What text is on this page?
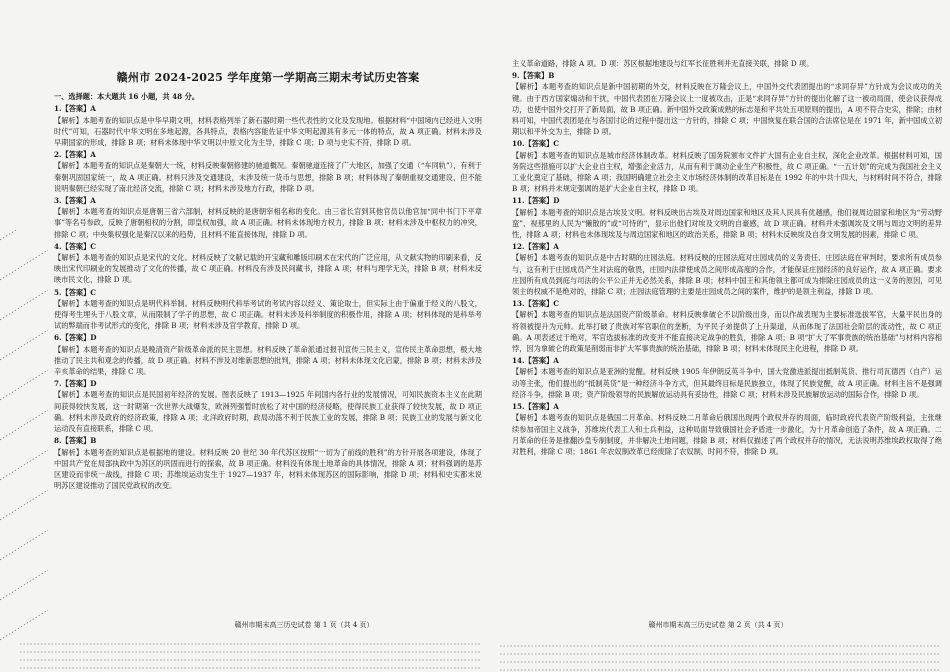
赣州市 2024-2025 学年度第一学期高三期末考试历史答案
一、选择题：本大题共 16 小题，共 48 分。
1.【答案】A
【解析】本题考查的知识点是中华早期文明，材料表格列举了新石器时期一些代表性的文化及发现地。根据材料“中国境内已经进入文明时代”可知，石器时代中华文明在多地起源，各具特点，表格内容能佐证中华文明起源具有多元一体的特点，故 A 项正确。材料未涉及早期国家的形成，排除 B 项；材料未体现中华文明以中原文化为主导，排除 C 项；D 项与史实不符，排除 D 项。
2.【答案】A
【解析】本题考查的知识点是秦朝大一统，材料反映秦朝修建的驰道概况。秦朝驰道连接了广大地区，加强了交通（“车同轨”），有利于秦朝巩固国家统一，故 A 项正确。材料只涉及交通建设，未涉及统一货币与思想，排除 B 项；材料体现了秦朝重视交通建设，但不能说明秦朝已经实现了南北经济交流，排除 C 项；材料未涉及地方行政，排除 D 项。
3.【答案】A
【解析】本题考查的知识点是唐朝三省六部制，材料反映的是唐朝宰相名称的变化。由三省长官到其他官员以他官加“同中书门下平章事”等名号参政，反映了唐朝相权的分割，即皇权加强，故 A 项正确。材料未体现地方权力，排除 B 项；材料未涉及中枢权力的冲突，排除 C 项；中央集权强化是秦汉以来的趋势，且材料不能直接体现，排除 D 项。
4.【答案】C
【解析】本题考查的知识点是宋代的文化。材料反映了文献记载的开宝藏和雕版印刷术在宋代的广泛应用，从文献实物的印刷来看，反映出宋代印刷业的发展推动了文化的传播，故 C 项正确。材料没有涉及民间藏书，排除 A 项；材料与理学无关，排除 B 项；材料未反映市民文化，排除 D 项。
5.【答案】C
【解析】本题考查的知识点是明代科举制。材料反映明代科举考试的考试内容以经义、策论取士，但实际上由于偏重于经义的八股文，使得考生埋头于八股文章，从而限制了学子的思想，故 C 项正确。材料未涉及科举制度的积极作用，排除 A 项；材料体现的是科举考试的弊端而非考试形式的变化，排除 B 项；材料未涉及官学教育，排除 D 项。
6.【答案】D
【解析】本题考查的知识点是晚清资产阶级革命派的民主思想。材料反映了革命派通过报刊宣传三民主义，宣传民主革命思想，极大地推动了民主共和观念的传播，故 D 项正确。材料不涉及对维新思想的批判，排除 A 项；材料未体现文化启蒙，排除 B 项；材料未涉及辛亥革命的结果，排除 C 项。
7.【答案】D
【解析】本题考查的知识点是民国初年经济的发展。图表反映了 1913—1925 年间国内各行业的发展情况，可知民族资本主义在此期间获得较快发展，这一时期第一次世界大战爆发，欧洲列强暂时放松了对中国的经济侵略，使得民族工业获得了较快发展，故 D 项正确。材料未涉及政府的经济政策，排除 A 项；北洋政府时期，政局动荡不利于民族工业的发展，排除 B 项；民族工业的发展与新文化运动没有直接联系，排除 C 项。
8.【答案】B
【解析】本题考查的知识点是根据地的建设。材料反映 20 世纪 30 年代苏区按照“一切为了前线的胜利”的方针开展各项建设，体现了中国共产党在局部执政中为苏区的巩固而进行的探索，故 B 项正确。材料没有体现土地革命的具体情况，排除 A 项；材料强调的是苏区建设而非统一战线，排除 C 项；苏维埃运动发生于 1927—1937 年，材料未体现苏区的国际影响，排除 D 项；材料和史实都未说明苏区建设推动了国民党政权的改变。
主义革命道路，排除 A 项。D 项：苏区根据地建设与红军长征胜利并无直接关联，排除 D 项。
9.【答案】B
【解析】本题考查的知识点是新中国初期的外交，材料反映在万隆会议上，中国外交代表团提出的“求同存异”方针成为会议成功的关键。由于西方国家煽动和干扰，中国代表团在万隆会议上一度被攻击，正是“求同存异”方针的提出化解了这一被动局面，使会议获得成功，也使中国外交打开了新局面，故 B 项正确。新中国外交政策成熟的标志是和平共处五项原则的提出，A 项不符合史实，排除；由材料可知，中国代表团是在与各国讨论的过程中提出这一方针的，排除 C 项；中国恢复在联合国的合法席位是在 1971 年，新中国成立初期以和平外交为主，排除 D 项。
10.【答案】C
【解析】本题考查的知识点是城市经济体制改革。材料反映了国务院颁布文件扩大国有企业自主权，深化企业改革。根据材料可知，国务院这些措施可以扩大企业自主权，增强企业活力，从而有利于调动企业生产积极性，故 C 项正确。“一五计划”的完成为我国社会主义工业化奠定了基础，排除 A 项；我国明确建立社会主义市场经济体制的改革目标是在 1992 年的中共十四大，与材料时间不符合，排除 B 项；材料并未规定强调的是扩大企业自主权，排除 D 项。
11.【答案】D
【解析】本题考查的知识点是古埃及文明。材料反映出古埃及对周边国家和地区及其人民具有优越感，他们视周边国家和地区为“劳动野蛮”、视那里的人民为“懒散的”或“可恃的”，显示出他们对埃及文明的自豪感，故 D 项正确。材料并未强调埃及文明与周边文明的差异性，排除 A 项；材料也未体现埃及与周边国家和地区的政治关系，排除 B 项；材料未反映埃及自身文明发展的因素，排除 C 项。
12.【答案】A
【解析】本题考查的知识点是中古时期的庄园法庭。材料反映的庄园法庭对庄园成员的义务责任、庄园法庭在审判时，要求所有成员参与，这有利于庄园成员产生对法庭的敬畏，庄园内法律使成员之间形成高度的合作，才能保证庄园经济的良好运作，故 A 项正确。要求庄园所有成员到庭与司法的公平公正并无必然关系，排除 B 项；材料中国王和其他领主都可成为排除庄园成员的这一义务的原因，可见领主的权威不是绝对的，排除 C 项；庄园法庭管理的主要是庄园成员之间的案件，维护的是领主利益，排除 D 项。
13.【答案】C
【解析】本题考查的知识点是法国资产阶级革命。材料反映拿破仑不以阶级出身，而以作战表现为主要标准选拔军官，大量平民出身的将领被提升为元帅。此举打破了贵族对军官职位的垄断，为平民子弟提供了上升渠道，从而体现了法国社会阶层的流动性，故 C 项正确。A 项表述过于绝对，军官选拔标准的改变并不能直接决定战争的胜负，排除 A 项；B 项“扩大了军事贵族的统治基础”与材料内容相悖，因为拿破仑的政策是削弱而非扩大军事贵族的统治基础，排除 B 项；材料未体现民主化进程，排除 D 项。
14.【答案】A
【解析】本题考查的知识点是亚洲的觉醒。材料反映 1905 年伊朗反英斗争中，国大党激进派提出抵制英货、推行司瓦德西（自产）运动等主张，他们提出的“抵制英货”是一种经济斗争方式，但其最终目标是民族独立，体现了民族觉醒，故 A 项正确。材料主旨不是强调经济斗争，排除 B 项；资产阶级领导的民族解放运动具有妥协性，排除 C 项；材料未涉及民族解放运动的国际合作，排除 D 项。
15.【答案】A
【解析】本题考查的知识点是俄国二月革命。材料反映二月革命后俄国出现两个政权并存的局面，临时政府代表资产阶级利益，主张继续参加帝国主义战争，苏维埃代表工人和士兵利益，这种局面导致俄国社会矛盾进一步激化，为十月革命创造了条件，故 A 项正确。二月革命的任务是推翻沙皇专制制度，并非解决土地问题，排除 B 项；材料仅描述了两个政权并存的情况，无法说明苏维埃政权取得了绝对胜利，排除 C 项；1861 年农奴制改革已经废除了农奴制，时间不符，排除 D 项。
赣州市期末高三历史试卷 第 1 页（共 4 页）	赣州市期末高三历史试卷 第 2 页（共 4 页）
